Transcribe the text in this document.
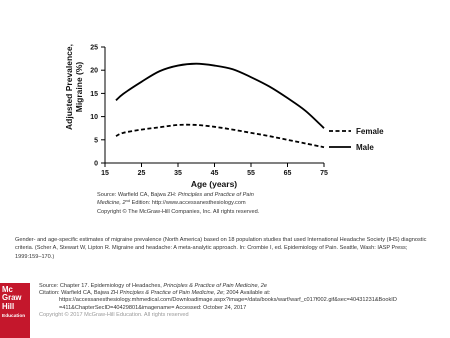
Adjusted Prevalence, Migraine (%)
0
5
10
15
20
25
15	25	35	45	55	65	75
Age (years)
Female
Male
Source: Warfield CA, Bajwa ZH: Principles and Practice of Pain
Medicine, 2nd Edition: http://www.accessanesthesiology.com
Copyright © The McGraw-Hill Companies, Inc. All rights reserved.
Gender- and age-specific estimates of migraine prevalence (North America) based on 18 population studies that used International Headache Society (IHS) diagnostic criteria. (Scher A, Stewart W, Lipton R. Migraine and headache: A meta-analytic approach. In: Crombie I, ed. Epidemiology of Pain. Seattle, Wash: IASP Press; 1999:159–170.)
Mc
Graw
Hill
Education
Source: Chapter 17. Epidemiology of Headaches, Principles & Practice of Pain Medicine, 2e
Citation: Warfield CA, Bajwa ZH Principles & Practice of Pain Medicine, 2e; 2004 Available at:
https://accessanesthesiology.mhmedical.com/Downloadimage.aspx?image=/data/books/warf/warf_c017f002.gif&sec=40431231&BookID
=411&ChapterSecID=40429801&imagename= Accessed: October 24, 2017
Copyright © 2017 McGraw-Hill Education. All rights reserved
